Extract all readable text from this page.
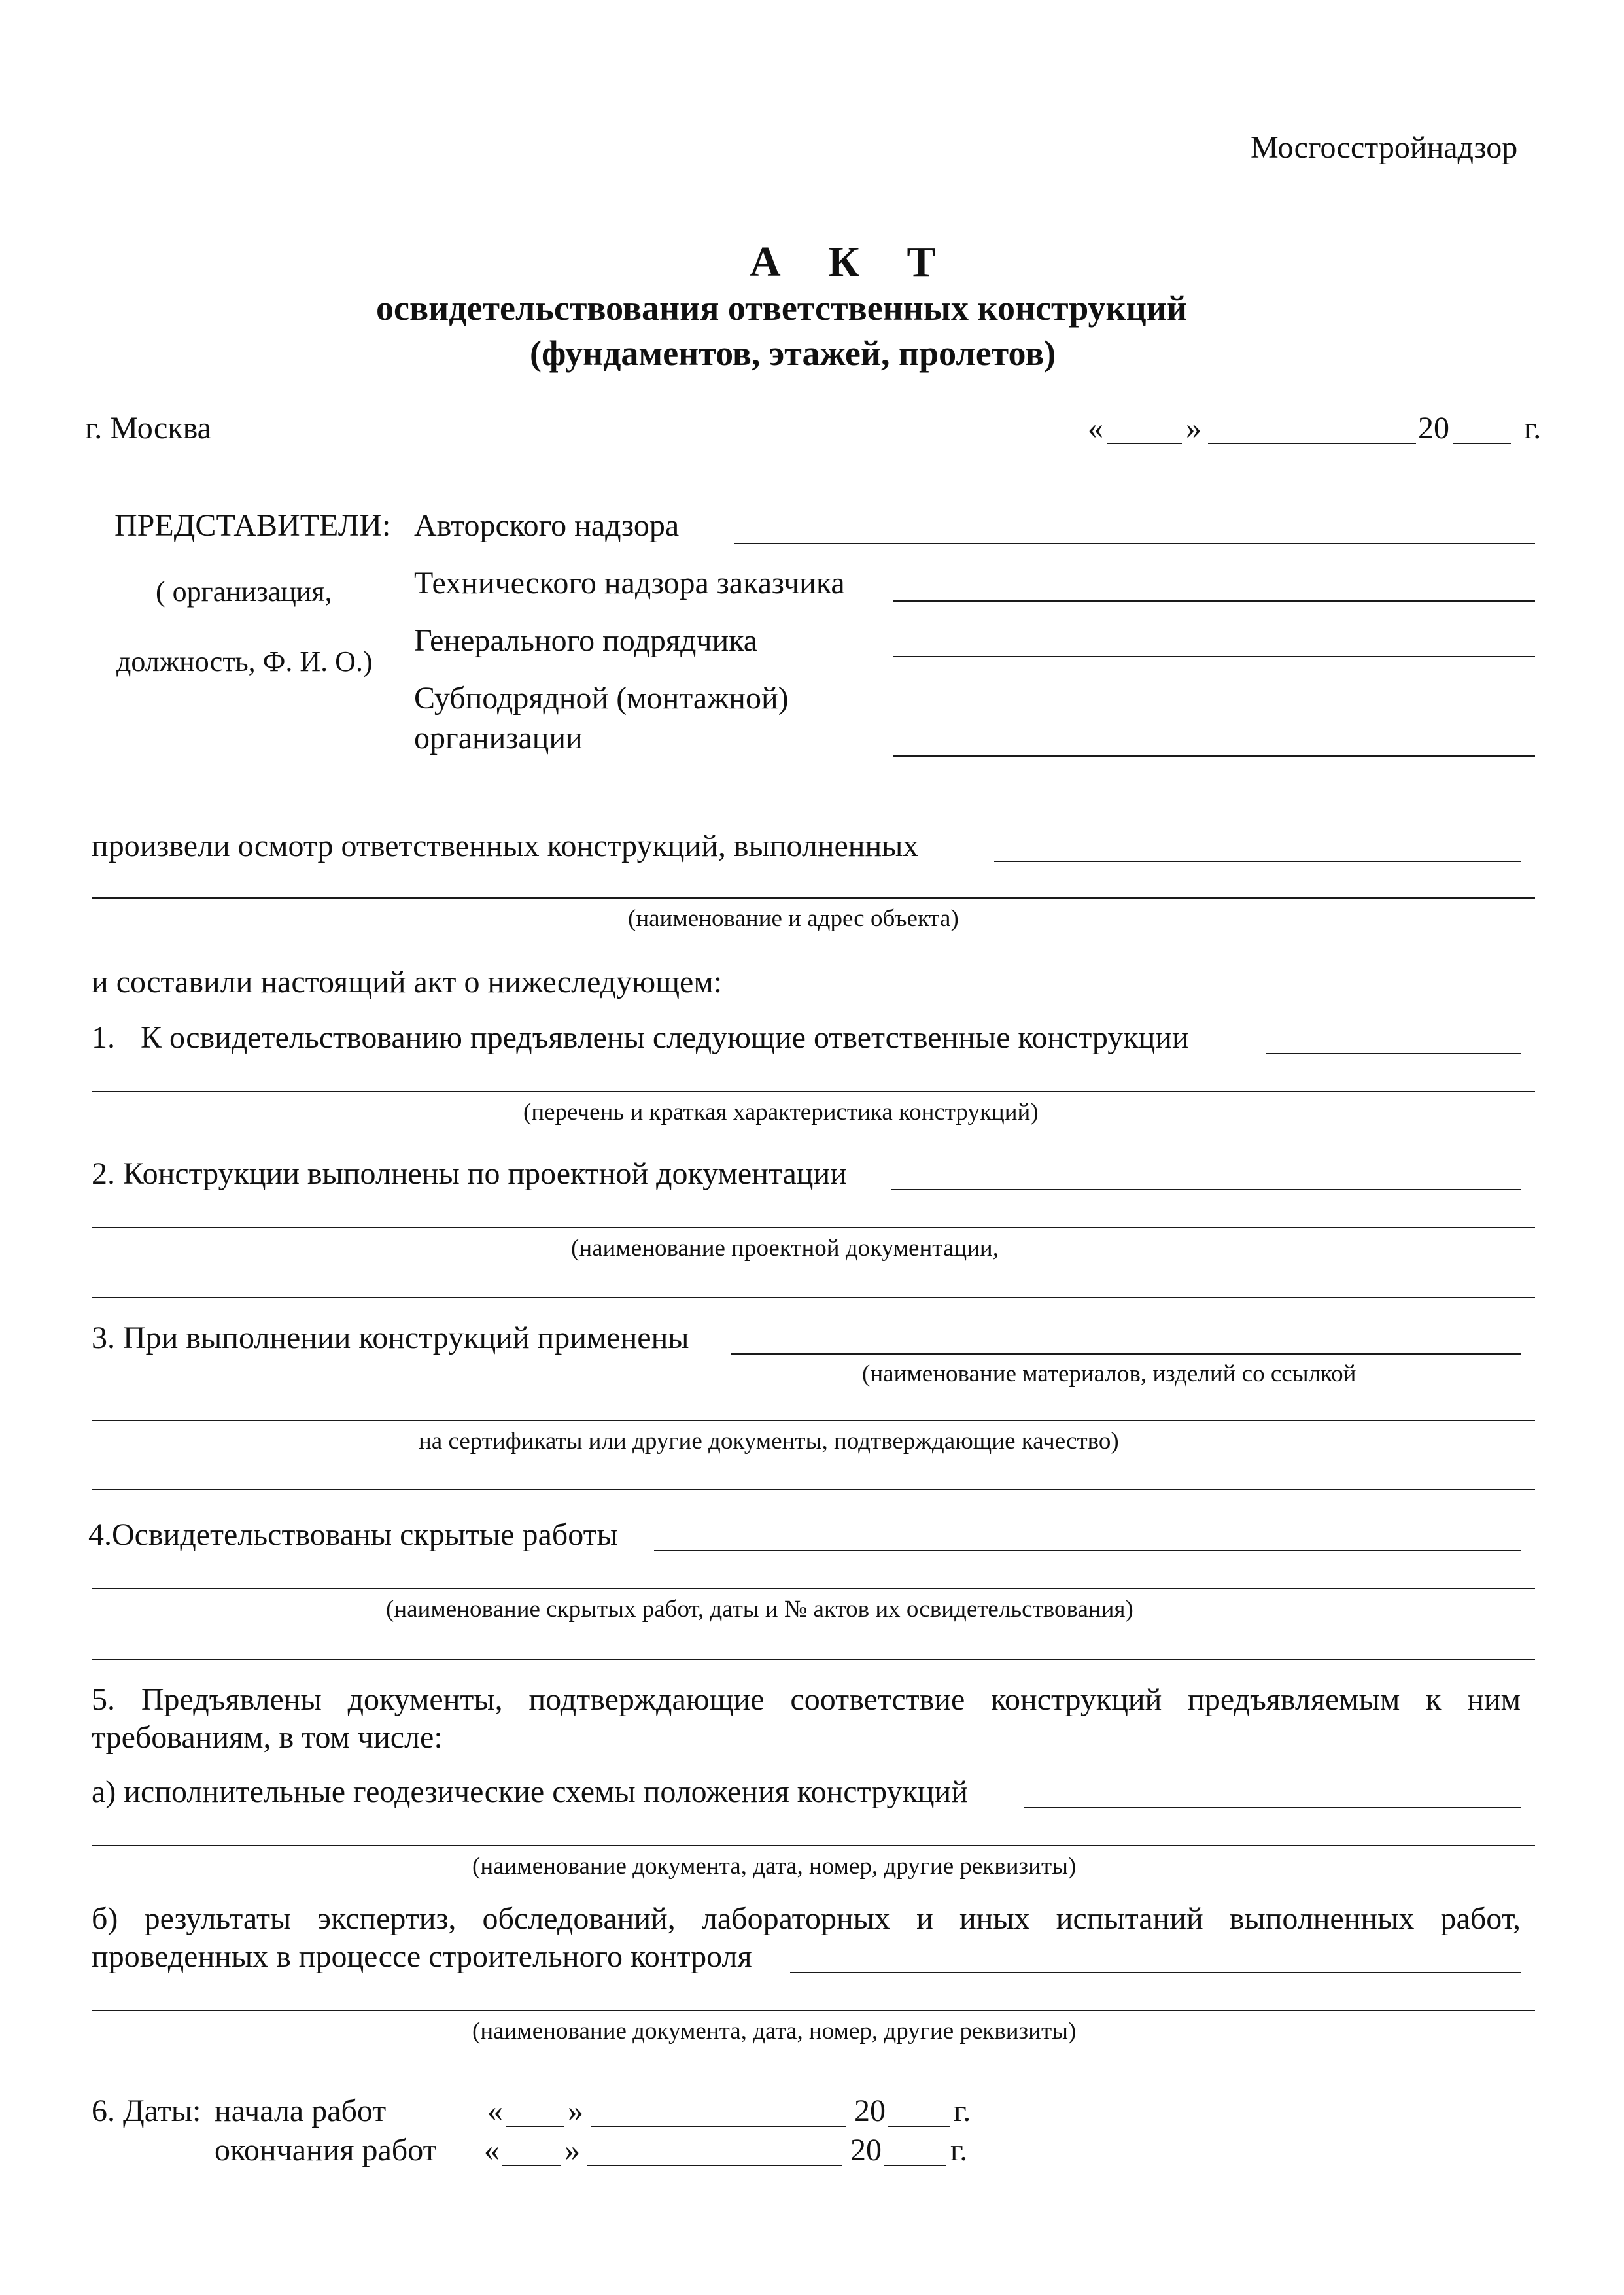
Мосгосстройнадзор
А К Т
освидетельствования ответственных конструкций
(фундаментов, этажей, пролетов)
г. Москва	«	»	20 г.
ПРЕДСТАВИТЕЛИ:
( организация,
должность, Ф. И. О.)
Авторского надзора
Технического надзора заказчика
Генерального подрядчика
Субподрядной (монтажной)
организации
произвели осмотр ответственных конструкций, выполненных
(наименование и адрес объекта)
и составили настоящий акт о нижеследующем:
1. К освидетельствованию предъявлены следующие ответственные конструкции
(перечень и краткая характеристика конструкций)
2. Конструкции выполнены по проектной документации
(наименование проектной документации,
3. При выполнении конструкций применены
(наименование материалов, изделий со ссылкой
на сертификаты или другие документы, подтверждающие качество)
4.Освидетельствованы скрытые работы
(наименование скрытых работ, даты и № актов их освидетельствования)
5. Предъявлены документы, подтверждающие соответствие конструкций предъявляемым к ним
требованиям, в том числе:
а) исполнительные геодезические схемы положения конструкций
(наименование документа, дата, номер, другие реквизиты)
б) результаты экспертиз, обследований, лабораторных и иных испытаний выполненных работ,
проведенных в процессе строительного контроля
(наименование документа, дата, номер, другие реквизиты)
6. Даты: начала работ	« »	20 г.
окончания работ « »	20 г.
